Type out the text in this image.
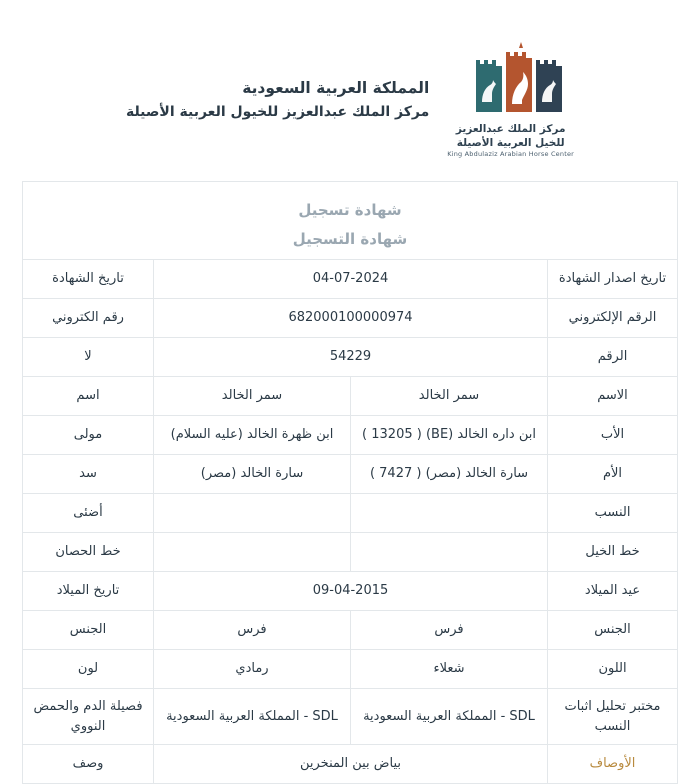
مركز الملك عبدالعزيز
للخيل العربية الأصيلة
King Abdulaziz Arabian Horse Center
المملكة العربية السعودية
مركز الملك عبدالعزيز للخيول العربية الأصيلة
شهادة تسجيل
شهادة التسجيل
تاريخ اصدار الشهادة
04-07-2024
تاريخ الشهادة
الرقم الإلكتروني
682000100000974
رقم الكتروني
الرقم
54229
لا
الاسم
سمر الخالد
سمر الخالد
اسم
الأب
ابن داره الخالد (BE) ( 13205 )
ابن ظهرة الخالد (عليه السلام)
مولى
الأم
سارة الخالد (مصر) ( 7427 )
سارة الخالد (مصر)
سد
النسب
أضئى
خط الخيل
خط الحصان
عيد الميلاد
09-04-2015
تاريخ الميلاد
الجنس
فرس
فرس
الجنس
اللون
شعلاء
رمادي
لون
مختبر تحليل اثبات النسب
SDL - المملكة العربية السعودية
SDL - المملكة العربية السعودية
فصيلة الدم والحمض النووي
الأوصاف
بياض بين المنخرين
وصف
